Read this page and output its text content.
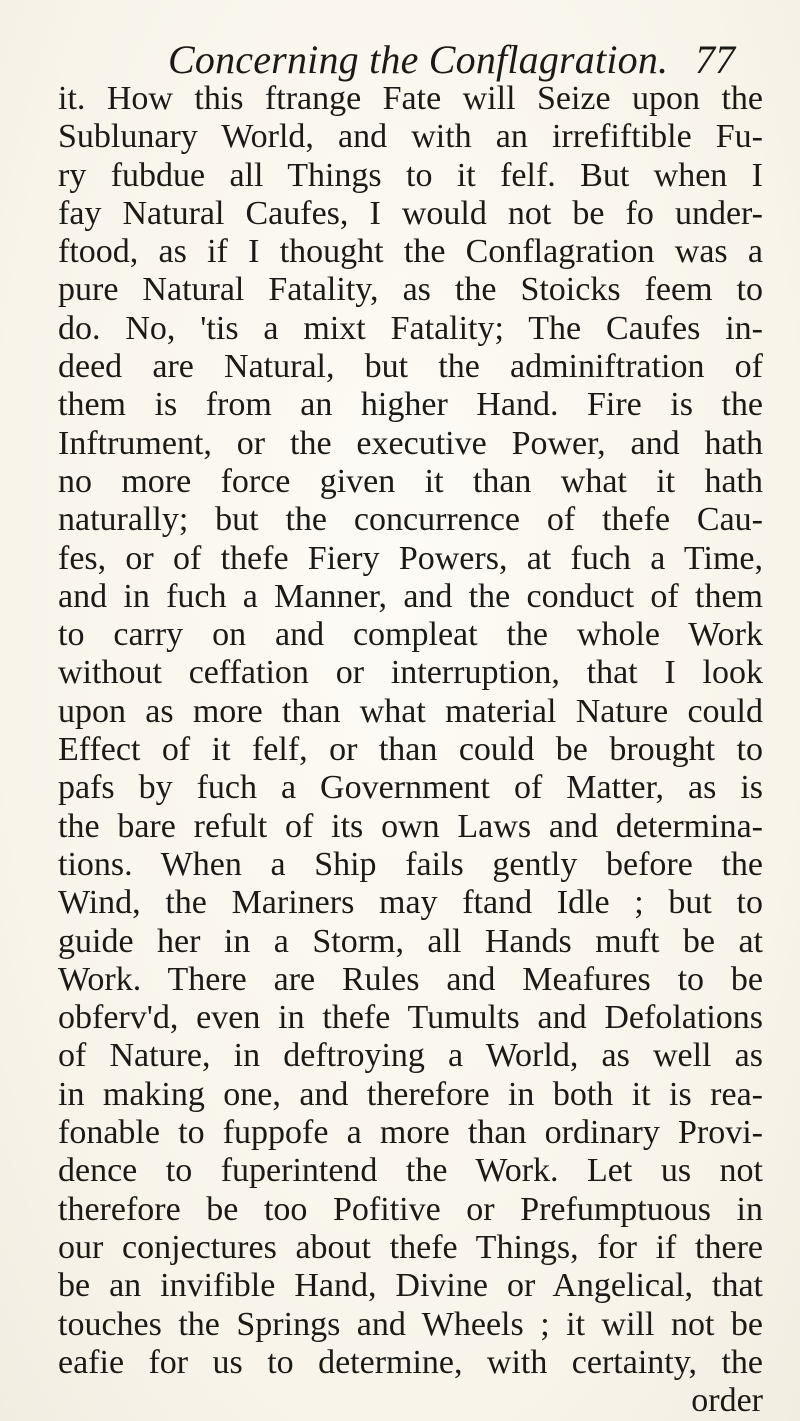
Concerning the Conflagration. 77
it. How this ftrange Fate will Seize upon the
Sublunary World, and with an irrefiftible Fu-
ry fubdue all Things to it felf. But when I
fay Natural Caufes, I would not be fo under-
ftood, as if I thought the Conflagration was a
pure Natural Fatality, as the Stoicks feem to
do. No, 'tis a mixt Fatality; The Caufes in-
deed are Natural, but the adminiftration of
them is from an higher Hand. Fire is the
Inftrument, or the executive Power, and hath
no more force given it than what it hath
naturally; but the concurrence of thefe Cau-
fes, or of thefe Fiery Powers, at fuch a Time,
and in fuch a Manner, and the conduct of them
to carry on and compleat the whole Work
without ceffation or interruption, that I look
upon as more than what material Nature could
Effect of it felf, or than could be brought to
pafs by fuch a Government of Matter, as is
the bare refult of its own Laws and determina-
tions. When a Ship fails gently before the
Wind, the Mariners may ftand Idle ; but to
guide her in a Storm, all Hands muft be at
Work. There are Rules and Meafures to be
obferv'd, even in thefe Tumults and Defolations
of Nature, in deftroying a World, as well as
in making one, and therefore in both it is rea-
fonable to fuppofe a more than ordinary Provi-
dence to fuperintend the Work. Let us not
therefore be too Pofitive or Prefumptuous in
our conjectures about thefe Things, for if there
be an invifible Hand, Divine or Angelical, that
touches the Springs and Wheels ; it will not be
eafie for us to determine, with certainty, the
order
